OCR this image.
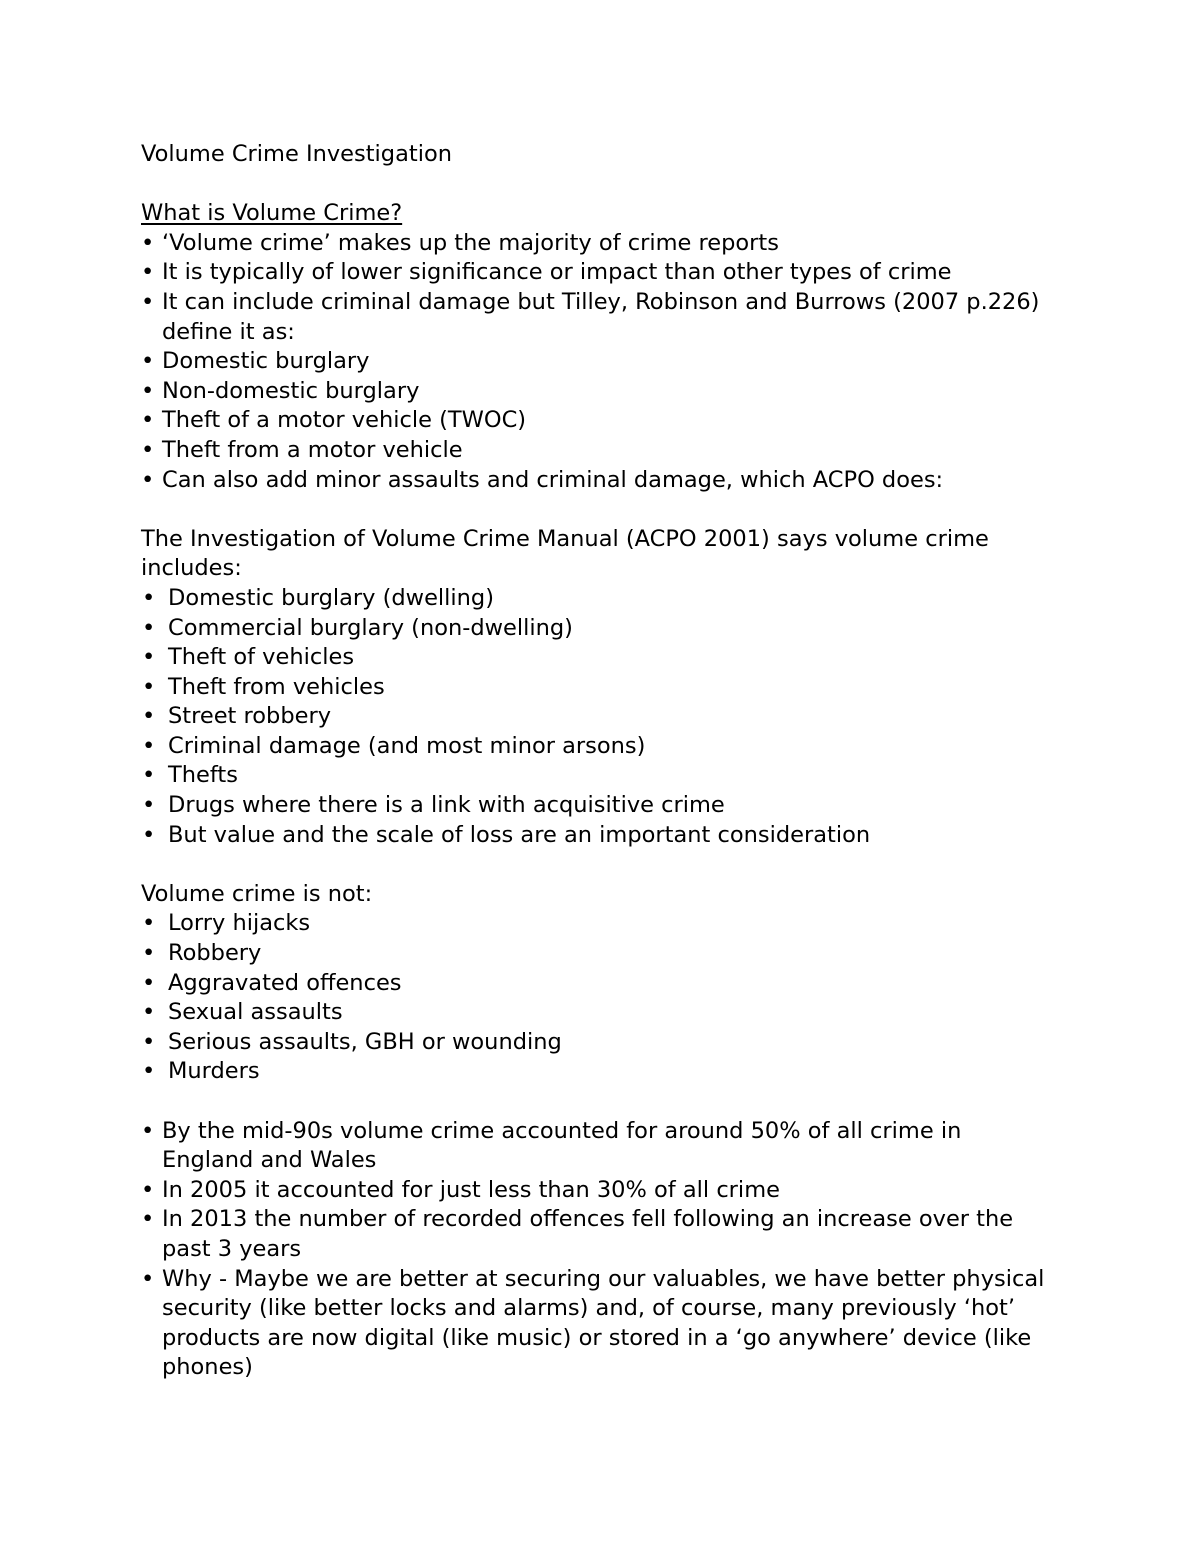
Volume Crime Investigation
What is Volume Crime?
• ‘Volume crime’ makes up the majority of crime reports
• It is typically of lower significance or impact than other types of crime
• It can include criminal damage but Tilley, Robinson and Burrows (2007 p.226)
define it as:
• Domestic burglary
• Non-domestic burglary
• Theft of a motor vehicle (TWOC)
• Theft from a motor vehicle
• Can also add minor assaults and criminal damage, which ACPO does:
The Investigation of Volume Crime Manual (ACPO 2001) says volume crime
includes:
• Domestic burglary (dwelling)
• Commercial burglary (non-dwelling)
• Theft of vehicles
• Theft from vehicles
• Street robbery
• Criminal damage (and most minor arsons)
• Thefts
• Drugs where there is a link with acquisitive crime
• But value and the scale of loss are an important consideration
Volume crime is not:
• Lorry hijacks
• Robbery
• Aggravated offences
• Sexual assaults
• Serious assaults, GBH or wounding
• Murders
• By the mid-90s volume crime accounted for around 50% of all crime in
England and Wales
• In 2005 it accounted for just less than 30% of all crime
• In 2013 the number of recorded offences fell following an increase over the
past 3 years
• Why - Maybe we are better at securing our valuables, we have better physical
security (like better locks and alarms) and, of course, many previously ‘hot’
products are now digital (like music) or stored in a ‘go anywhere’ device (like
phones)
